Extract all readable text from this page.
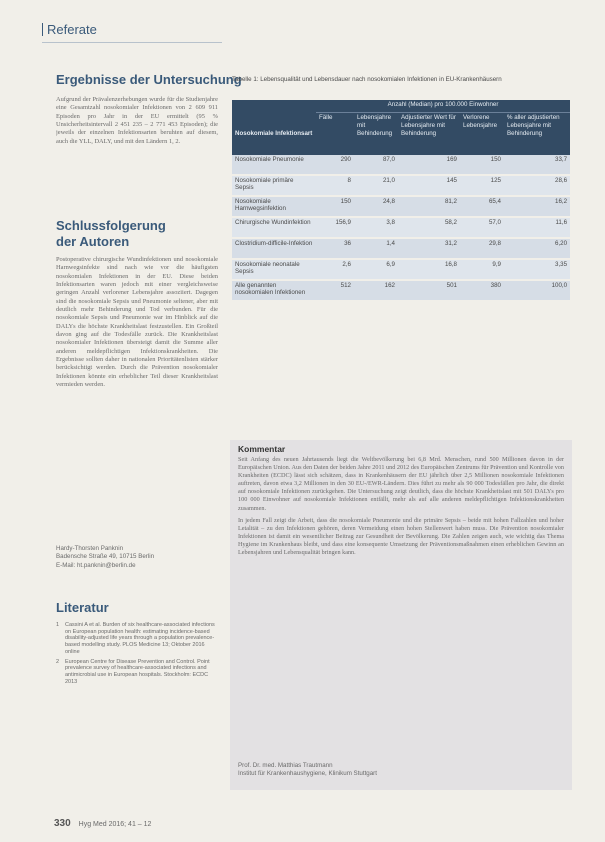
Referate
Ergebnisse der Untersuchung

Aufgrund der Prävalenzerhebungen wurde für die Studienjahre eine Gesamtzahl nosokomialer Infektionen von 2 609 911 Episoden pro Jahr in der EU ermittelt (95 % Unsicherheitsintervall 2 451 235 – 2 771 453 Episoden); die jeweils der einzelnen Infektionsarten beruhten auf diesem, auch die YLL, DALY, und mit den Ländern 1, 2.

Schlussfolgerung
der Autoren

Postoperative chirurgische Wundinfektionen und nosokomiale Harnwegsinfekte sind nach wie vor die häufigsten nosokomialen Infektionen in der EU. Diese beiden Infektionsarten waren jedoch mit einer vergleichsweise geringen Anzahl verlorener Lebensjahre assoziiert. Dagegen sind die nosokomiale Sepsis und Pneumonie seltener, aber mit deutlich mehr Behinderung und Tod verbunden. Für die nosokomiale Sepsis und Pneumonie war im Hinblick auf die DALYs die höchste Krankheitslast festzustellen. Ein Großteil davon ging auf die Todesfälle zurück. Die Krankheitslast nosokomialer Infektionen übersteigt damit die Summe aller anderen meldepflichtigen Infektionskrankheiten. Die Ergebnisse sollten daher in nationalen Prioritätenlisten stärker berücksichtigt werden. Durch die Prävention nosokomialer Infektionen könnte ein erheblicher Teil dieser Krankheitslast vermieden werden.

Hardy-Thorsten Panknin
Badensche Straße 49, 10715 Berlin
E-Mail: ht.panknin@berlin.de
Literatur
1	Cassini A et al. Burden of six healthcare-associated infections on European population health: estimating incidence-based disability-adjusted life years through a population prevalence-based modelling study. PLOS Medicine 13; Oktober 2016 online
2	European Centre for Disease Prevention and Control. Point prevalence survey of healthcare-associated infections and antimicrobial use in European hospitals. Stockholm: ECDC 2013
Tabelle 1: Lebensqualität und Lebensdauer nach nosokomialen Infektionen in EU-Krankenhäusern
	Anzahl (Median) pro 100.000 Einwohner				
Nosokomiale Infektionsart	Fälle	Lebensjahre mit Behinderung	Adjustierter Wert für Lebensjahre mit Behinderung	Verlorene Lebensjahre	% aller adjustierten Lebensjahre mit Behinderung
Nosokomiale Pneumonie	290	87,0	169	150	33,7
Nosokomiale primäre Sepsis	8	21,0	145	125	28,6
Nosokomiale Harnwegsinfektion	150	24,8	81,2	65,4	16,2
Chirurgische Wundinfektion	156,9	3,8	58,2	57,0	11,6
Clostridium-difficile-Infektion	36	1,4	31,2	29,8	6,20
Nosokomiale neonatale Sepsis	2,6	6,9	16,8	9,9	3,35
Alle genannten nosokomialen Infektionen	512	162	501	380	100,0
Kommentar

Seit Anfang des neuen Jahrtausends liegt die Weltbevölkerung bei 6,8 Mrd. Menschen, rund 500 Millionen davon in der Europäischen Union. Aus den Daten der beiden Jahre 2011 und 2012 des Europäischen Zentrums für Prävention und Kontrolle von Krankheiten (ECDC) lässt sich schätzen, dass in Krankenhäusern der EU jährlich über 2,5 Millionen nosokomiale Infektionen auftreten, davon etwa 3,2 Millionen in den 30 EU-/EWR-Ländern. Dies führt zu mehr als 90 000 Todesfällen pro Jahr, die direkt auf nosokomiale Infektionen zurückgehen. Die Untersuchung zeigt deutlich, dass die höchste Krankheitslast mit 501 DALYs pro 100 000 Einwohner auf nosokomiale Infektionen entfällt, mehr als auf alle anderen meldepflichtigen Infektionskrankheiten zusammen.

In jedem Fall zeigt die Arbeit, dass die nosokomiale Pneumonie und die primäre Sepsis – beide mit hohen Fallzahlen und hoher Letalität – zu den Infektionen gehören, deren Vermeidung einen hohen Stellenwert haben muss. Die Prävention nosokomialer Infektionen ist damit ein wesentlicher Beitrag zur Gesundheit der Bevölkerung. Die Zahlen zeigen auch, wie wichtig das Thema Hygiene im Krankenhaus bleibt, und dass eine konsequente Umsetzung der Präventionsmaßnahmen einen erheblichen Gewinn an Lebensjahren und Lebensqualität bringen kann.

Prof. Dr. med. Matthias Trautmann
Institut für Krankenhaushygiene, Klinikum Stuttgart
330 Hyg Med 2016; 41 – 12
